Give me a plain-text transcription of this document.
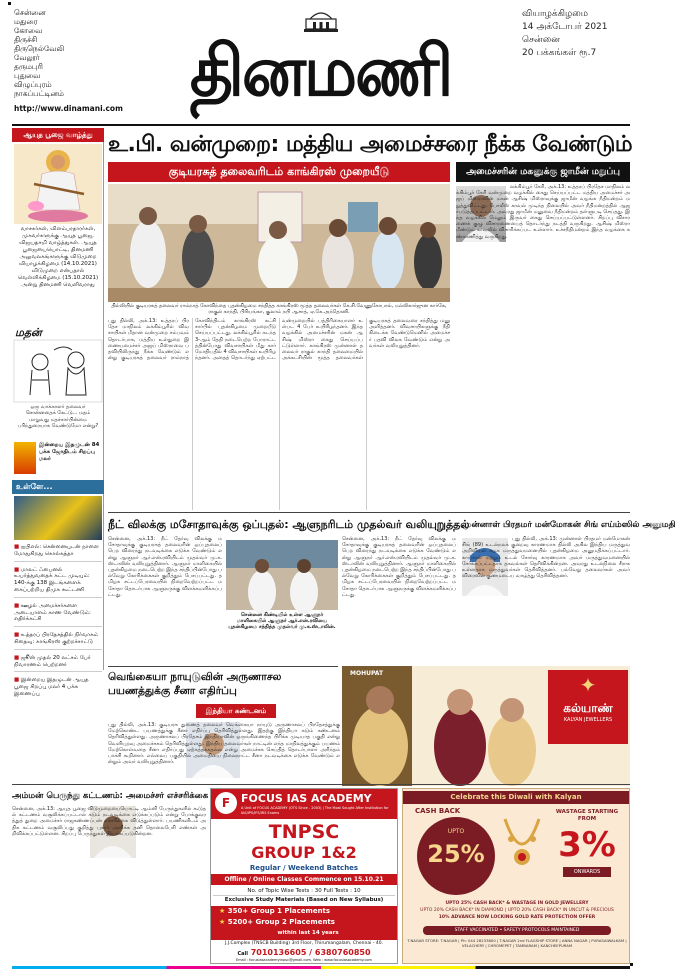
சென்னை
மதுரை
கோவை
திருச்சி
திருநெல்வேலி
வேலூர்
தருமபுரி
புதுவை
விழுப்புரம்
நாகப்பட்டினம்
http://www.dinamani.com	தினமணி
வியாழக்கிழமை
14 அக்டோபர் 2021
சென்னை
20 பக்கங்கள் ரூ.7
ஆயுத பூஜை வாழ்த்து
வாசகர்கள், விளம்பரதாரர்கள், முகவர்களுக்கு ஆயுத பூஜை, விஜயதசமி வாழ்த்துகள். ஆயுத பூஜையையொட்டி, தினமணி அலுவலகங்களுக்கு விடுமுறை வியாழக்கிழமை (14.10.2021) விடுமுறை என்பதால் வெள்ளிக்கிழமை (15.10.2021) அன்று தினமணி வெளிவராது
மதன்
ஒரு வாக்காளர் தலைவர் சொன்னதைக் கேட்டு... மதம் மாறுவது மதச்சார்பின்மை பரிந்துரையாக வேண்டுமோ என்று?
இன்றைய இதழுடன் 84 பக்க ஜோதிடம் சிறப்பு மலர்
உள்ளே...
■ ஐபிஎல்: சென்னையுடன் நாளை மோதுகிறது கொல்கத்தா
■ மாலட் ஃபைனல் உயர்த்துவதைக் கட்ட முடியும்: 140-க்கு 138 இடங்களைக் கைப்பற்றிய திமுக கூட்டணி
■ ஊழல் அமைச்சர்களை அடையாளம் காண வேண்டும்: எதிர்க்கட்சி
■ உத்தரப் பிரதேசத்தில் நிர்வாகம் சிதைவு: காங்கிரஸ் குற்றச்சாட்டு
■ ஜூன் முதல் 20 லட்சம் பேர் நிவாரணம் பெற்றனர்
■ இன்றைய இதழுடன் ஆயுத பூஜை சிறப்பு மலர் 4 பக்க இணைப்பு
உ.பி. வன்முறை: மத்திய அமைச்சரை நீக்க வேண்டும்
குடியரசுத் தலைவரிடம் காங்கிரஸ் முறையீடு
தில்லியில் குடியரசுத் தலைவர் ராம்நாத் கோவிந்தை புதன்கிழமை சந்தித்த காங்கிரஸ் மூத்த தலைவர்கள் கே.சி.வேணுகோபால், மல்லிகார்ஜுன கார்கே, ராகுல் காந்தி, பிரியங்கா, குலாம் நபி ஆசாத், ஏ.கே.அந்தோனி.
புது தில்லி, அக்.13: உத்தரப் பிரதேச மாநிலம் லக்கிம்பூரில் விவசாயிகள் மீதான வன்முறை சம்பவம் தொடர்பாக, மத்திய உள்துறை இணையமைச்சர் அஜய் மிஸ்ராவை பதவியிலிருந்து நீக்க வேண்டும் என்று குடியரசுத் தலைவர் ராம்நாத் கோவிந்திடம் காங்கிரஸ் கட்சி சார்பில் புதன்கிழமை முறையீடு செய்யப்பட்டது. லக்கிம்பூரில் கடந்த 3-ஆம் தேதி நடைபெற்ற போராட்டத்தின்போது விவசாயிகள் மீது கார் மோதியதில் 4 விவசாயிகள் உயிரிழந்தனர். அதைத் தொடர்ந்து ஏற்பட்ட வன்முறையில் பத்திரிகையாளர் உள்பட 4 பேர் உயிரிழந்தனர். இந்த வழக்கில் அமைச்சரின் மகன் ஆசிஷ் மிஸ்ரா கைது செய்யப்பட்டுள்ளார். காங்கிரஸ் முன்னாள் தலைவர் ராகுல் காந்தி தலைமையில் அக்கட்சியின் மூத்த தலைவர்கள் குடியரசுத் தலைவரை சந்தித்து மனு அளித்தனர். விவசாயிகளுக்கு நீதி கிடைக்க வேண்டுமெனில் அமைச்சர் பதவி விலக வேண்டும் என்று அவர்கள் வலியுறுத்தினர்.
அமைச்சரின் மகனுக்கு ஜாமீன் மறுப்பு
லக்கிம்பூர் கேரி, அக்.13: உத்தரப் பிரதேச மாநிலம் லக்கிம்பூர் கேரி வன்முறை வழக்கில் கைது செய்யப்பட்ட மத்திய அமைச்சர் அஜய் மிஸ்ராவின் மகன் ஆசிஷ் மிஸ்ராவுக்கு ஜாமீன் வழங்க நீதிமன்றம் மறுத்துவிட்டது. போலீஸ் காவல் முடிந்த நிலையில் அவர் நீதிமன்றத்தில் ஆஜர்படுத்தப்பட்டார். அவரது ஜாமீன் மனுவை நீதிமன்றம் தள்ளுபடி செய்தது. இந்த வழக்கில் மேலும் இருவர் கைது செய்யப்பட்டுள்ளனர். சிறப்பு விசாரணைக் குழு விசாரணையைத் தொடர்ந்து நடத்தி வருகிறது. ஆசிஷ் மிஸ்ரா மீண்டும் காவலில் விசாரிக்கப்பட உள்ளார். உச்சநீதிமன்றம் இந்த வழக்கை கண்காணித்து வருகிறது.
நீட் விலக்கு மசோதாவுக்கு ஒப்புதல்: ஆளுநரிடம் முதல்வர் வலியுறுத்தல்
சென்னை, அக்.13: நீட் தேர்வு விலக்கு மசோதாவுக்கு குடியரசுத் தலைவரின் ஒப்புதலைப் பெற விரைந்து நடவடிக்கை எடுக்க வேண்டும் என்று ஆளுநர் ஆர்.என்.ரவியிடம் முதல்வர் மு.க.ஸ்டாலின் வலியுறுத்தினார். ஆளுநர் மாளிகையில் புதன்கிழமை நடைபெற்ற இந்த சந்திப்பின்போது பல்வேறு கோரிக்கைகள் குறித்தும் பேசப்பட்டது. தமிழக சட்டப்பேரவையில் நிறைவேற்றப்பட்ட மசோதா தொடர்பாக ஆளுநருக்கு விளக்கமளிக்கப்பட்டது.
சென்னை கிண்டியில் உள்ள ஆளுநர் மாளிகையில் ஆளுநர் ஆர்.என்.ரவியை புதன்கிழமை சந்தித்த முதல்வர் மு.க.ஸ்டாலின்.
சென்னை, அக்.13: நீட் தேர்வு விலக்கு மசோதாவுக்கு குடியரசுத் தலைவரின் ஒப்புதலைப் பெற விரைந்து நடவடிக்கை எடுக்க வேண்டும் என்று ஆளுநர் ஆர்.என்.ரவியிடம் முதல்வர் மு.க.ஸ்டாலின் வலியுறுத்தினார். ஆளுநர் மாளிகையில் புதன்கிழமை நடைபெற்ற இந்த சந்திப்பின்போது பல்வேறு கோரிக்கைகள் குறித்தும் பேசப்பட்டது. தமிழக சட்டப்பேரவையில் நிறைவேற்றப்பட்ட மசோதா தொடர்பாக ஆளுநருக்கு விளக்கமளிக்கப்பட்டது.
முன்னாள் பிரதமர் மன்மோகன் சிங் எய்ம்ஸில் அனுமதி
புது தில்லி, அக்.13: முன்னாள் பிரதமர் மன்மோகன் சிங் (89) உடல்நலக் குறைவு காரணமாக தில்லி அகில இந்திய மருத்துவ அறிவியல் கழக மருத்துவமனையில் புதன்கிழமை அனுமதிக்கப்பட்டார். காய்ச்சல் மற்றும் உடல் சோர்வு காரணமாக அவர் மருத்துவமனையில் சேர்க்கப்பட்டதாக தகவல்கள் தெரிவிக்கின்றன. அவரது உடல்நிலை சீராக உள்ளதாக மருத்துவர்கள் தெரிவித்தனர். பல்வேறு தலைவர்கள் அவர் விரைவில் குணமடைய வாழ்த்து தெரிவித்தனர்.
MOHUPAT	✦
கல்யாண்
KALYAN JEWELLERS
வெங்கையா நாயுடுவின் அருணாசல பயணத்துக்கு சீனா எதிர்ப்பு
இந்தியா கண்டனம்
புது தில்லி, அக்.13: குடியரசு துணைத் தலைவர் வெங்கையா நாயுடு அருணாசலப் பிரதேசத்துக்கு மேற்கொண்ட பயணத்துக்கு சீனா எதிர்ப்பு தெரிவித்துள்ளது. இதற்கு இந்தியா கடும் கண்டனம் தெரிவித்துள்ளது. அருணாசலப் பிரதேசம் இந்தியாவின் ஒருங்கிணைந்த பிரிக்க முடியாத பகுதி என்று வெளியுறவு அமைச்சகம் தெரிவித்துள்ளது. இந்திய தலைவர்கள் நாட்டின் எந்த மாநிலத்துக்கும் பயணம் மேற்கொள்வதை சீனா எதிர்ப்பது ஏற்கத்தக்கதல்ல என்று அமைச்சக செய்தித் தொடர்பாளர் அரிந்தம் பாக்சி கூறினார். எல்லைப் பகுதியில் அமைதியை நிலைநாட்ட சீனா நடவடிக்கை எடுக்க வேண்டும் என்றும் அவர் வலியுறுத்தினார்.
அம்மன் பெருந்து கட்டணம்: அமைச்சர் எச்சரிக்கை
சென்னை, அக்.13: ஆயுத பூஜை விடுமுறையையொட்டி ஆம்னி பேருந்துகளில் கூடுதல் கட்டணம் வசூலிக்கப்பட்டால் கடும் நடவடிக்கை எடுக்கப்படும் என்று போக்குவரத்துத் துறை அமைச்சர் ராஜகண்ணப்பன் எச்சரிக்கை விடுத்துள்ளார். பயணிகளிடம் அதிக கட்டணம் வசூலிப்பது குறித்து புகார் அளிக்க தனி தொலைபேசி எண்கள் அறிவிக்கப்பட்டுள்ளன. சிறப்பு பேருந்துகள் இயக்கப்படுகின்றன.
F FOCUS IAS ACADEMY
A Unit of FOCUS ACADEMY (OTS Since - 2003) | The Most Sought After Institution for IAS/IPS/IFS/IRS Exams
TNPSC
GROUP 1&2
Regular / Weekend Batches
Offline / Online Classes Commence on 15.10.21
No. of Topic Wise Tests : 30 Full Tests : 10
Exclusive Study Materials (Based on New Syllabus)
★ 350+ Group 1 Placements
★ 5200+ Group 2 Placements
within last 14 years
J.J.Complex (TNSCB Building) 3rd Floor, Thirumangalam, Chennai - 40.
Call 7010136605 / 6380760850
Email : focusiasacademytnpsc@gmail.com, Web : www.focusiasacademy.com
Celebrate this Diwali with Kalyan
CASH BACK
UPTO
25%
WASTAGE STARTING FROM
3%
ONWARDS
UPTO 25% CASH BACK* & WASTAGE IN GOLD JEWELLERY
UPTO 20% CASH BACK* IN DIAMOND | UPTO 20% CASH BACK* IN UNCUT & PRECIOUS
10% ADVANCE NOW LOCKING GOLD RATE PROTECTION OFFER
STAFF VACCINATED • SAFETY PROTOCOLS MAINTAINED
T.NAGAR STORE: T.NAGAR | Ph: 044 28233800 | T.NAGAR 2nd FLAGSHIP STORE | ANNA NAGAR | PURASAIWALKAM | VELACHERY | CHROMEPET | TAMBARAM | KANCHEEPURAM
